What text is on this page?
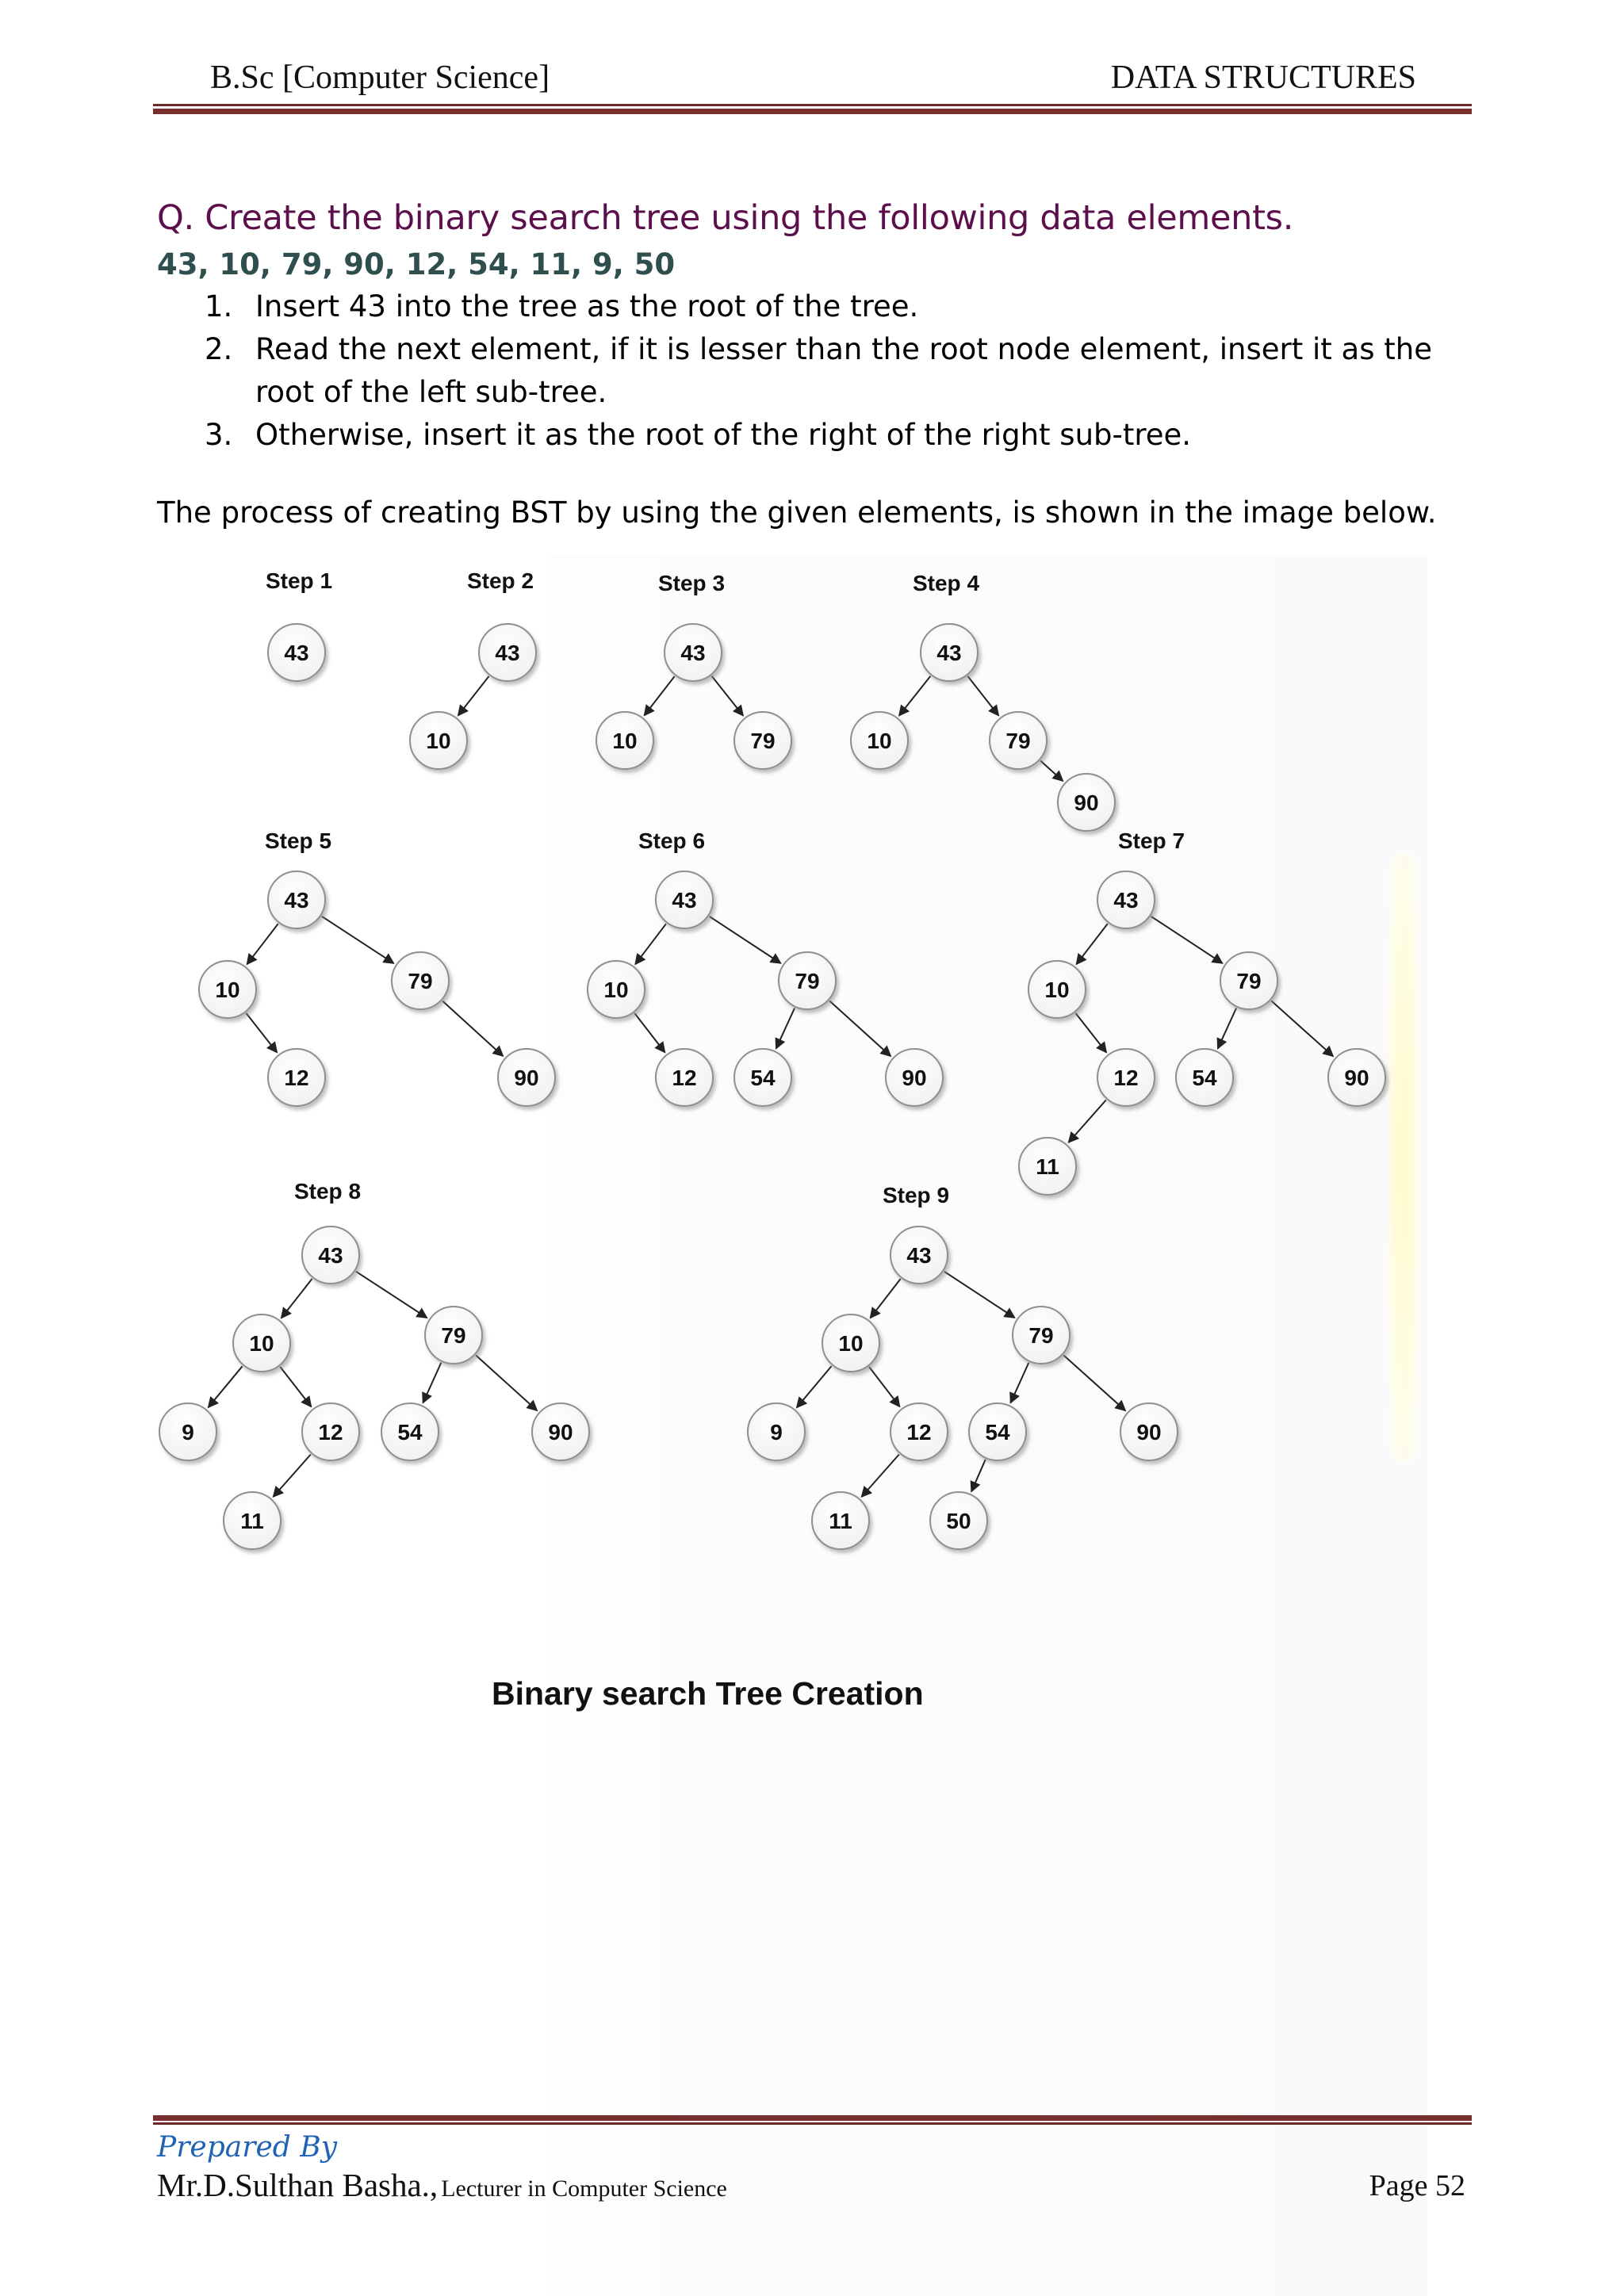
B.Sc [Computer Science]	DATA STRUCTURES
Q. Create the binary search tree using the following data elements.
43, 10, 79, 90, 12, 54, 11, 9, 50
1. Insert 43 into the tree as the root of the tree.
2. Read the next element, if it is lesser than the root node element, insert it as the root of the left sub-tree.
3. Otherwise, insert it as the root of the right of the right sub-tree.
The process of creating BST by using the given elements, is shown in the image below.
Step 1
43
Step 2
43
10
Step 3
43
10	79
Step 4
43
10	79
90
Step 5
43
10	79
12	90
Step 6
43
10	79
12 54	90
Step 7
43
10	79
12 54	90
11
Step 8
43
10	79
9	12 54	90
11
Step 9
43
10	79
9	12 54	90
11	50
Binary search Tree Creation
Prepared By
Mr.D.Sulthan Basha., Lecturer in Computer Science	Page 52
